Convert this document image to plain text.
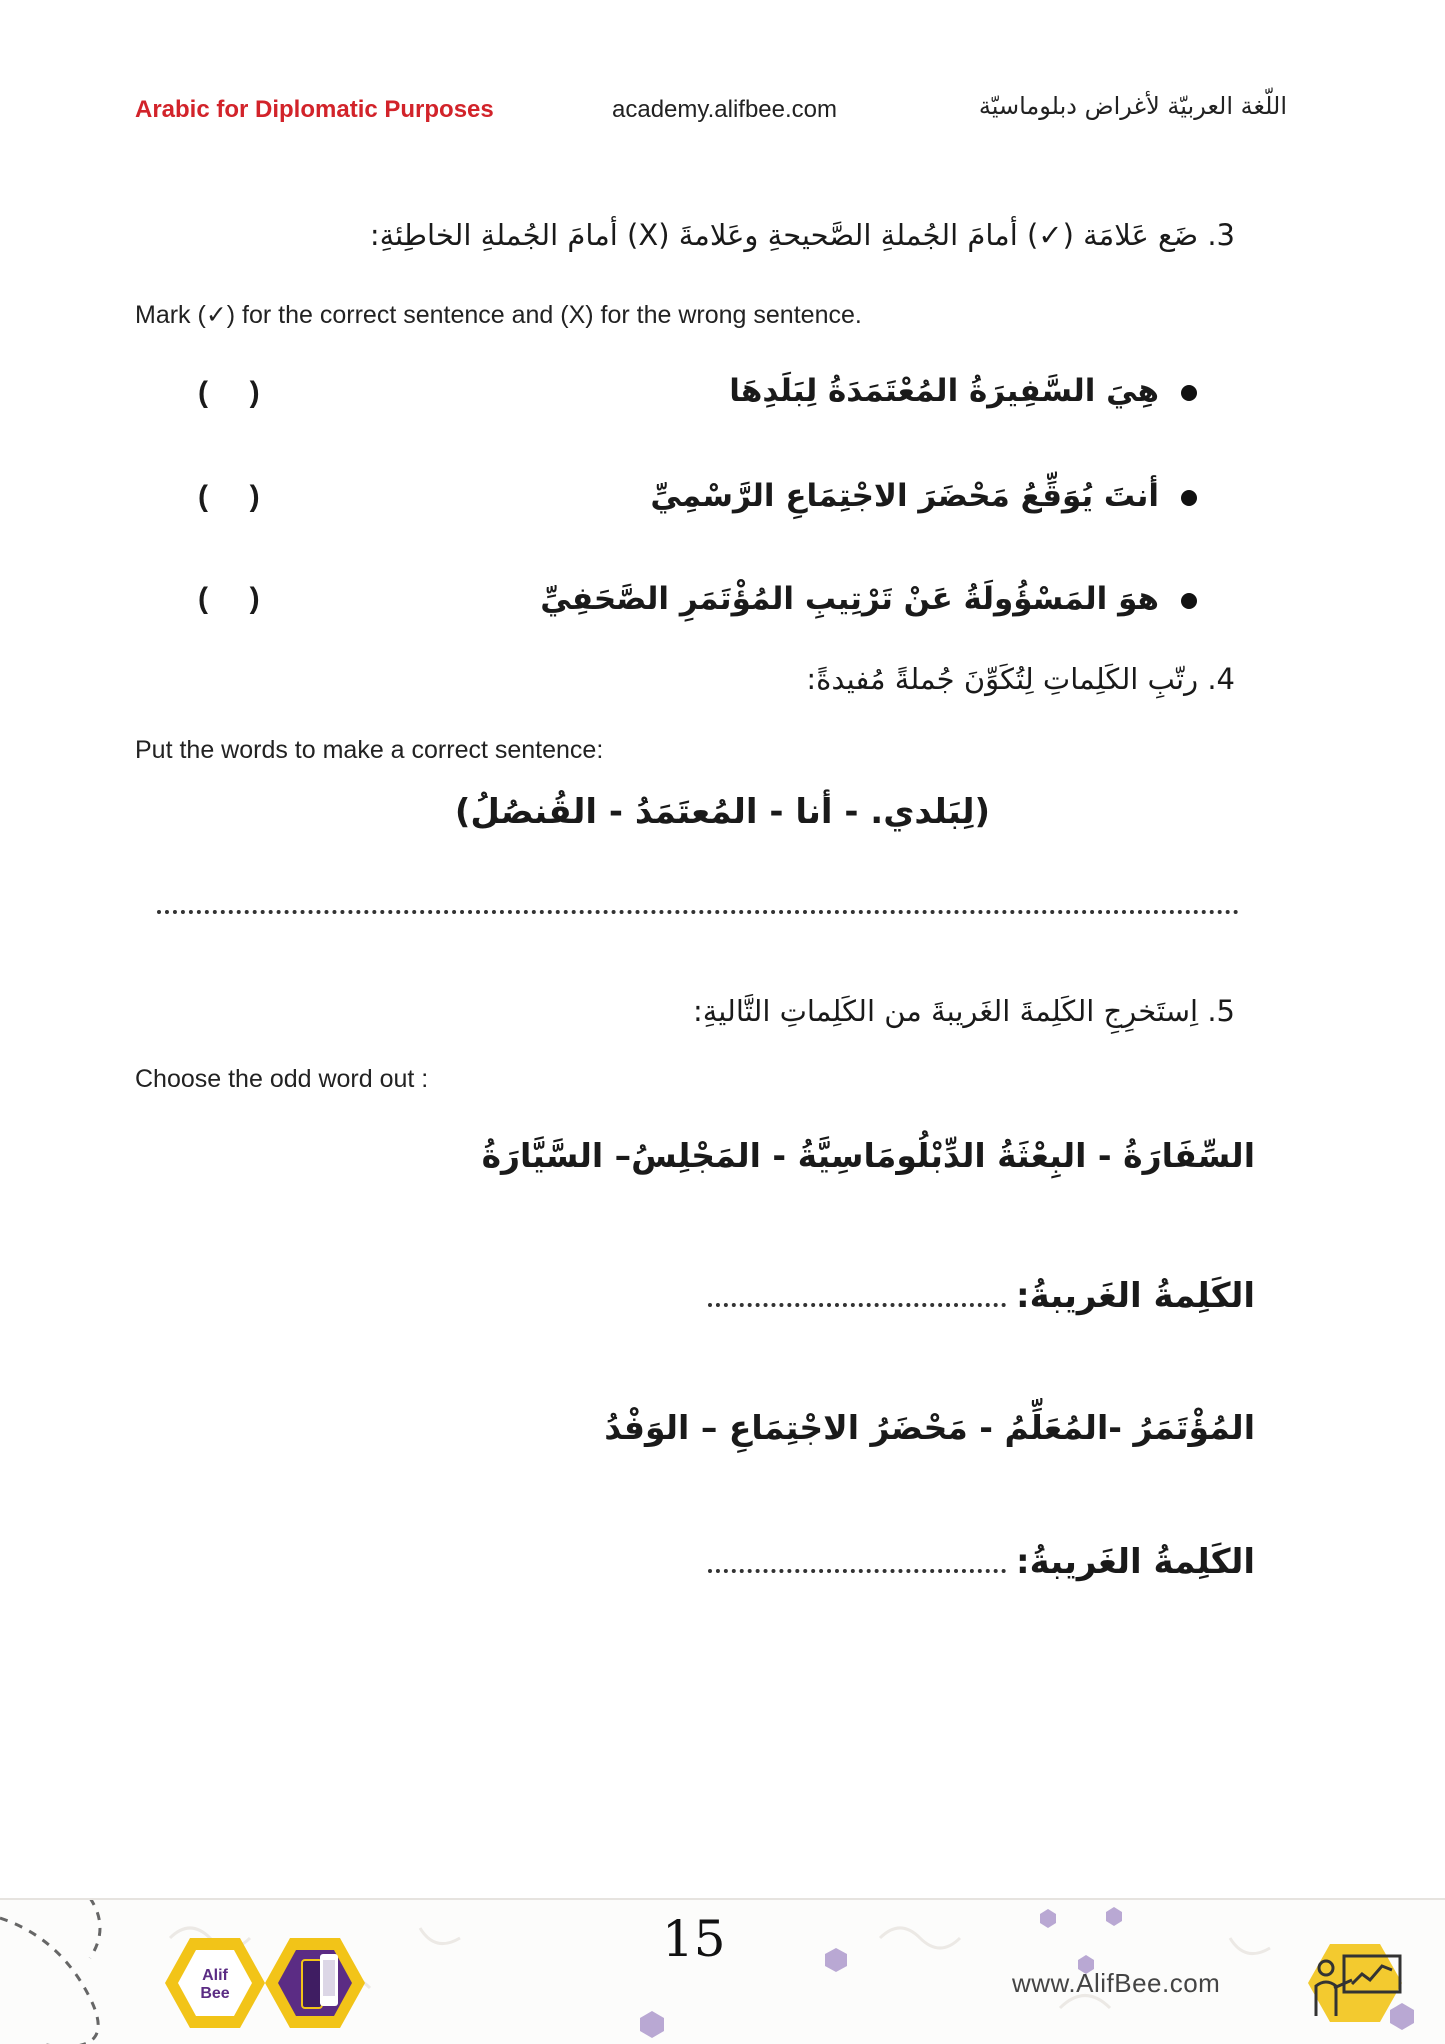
Arabic for Diplomatic Purposes	academy.alifbee.com	اللّغة العربيّة لأغراض دبلوماسيّة
3. ضَع عَلامَة (✓) أمامَ الجُملةِ الصَّحيحةِ وعَلامةَ (X) أمامَ الجُملةِ الخاطِئةِ:
Mark (✓) for the correct sentence and (X) for the wrong sentence.
هِيَ السَّفِيرَةُ المُعْتَمَدَةُ لِبَلَدِهَا
(     )
أنتَ يُوَقِّعُ مَحْضَرَ الاجْتِمَاعِ الرَّسْمِيِّ
(     )
هوَ المَسْؤُولَةُ عَنْ تَرْتِيبِ المُؤْتَمَرِ الصَّحَفِيِّ
(     )
4. رتّبِ الكَلِماتِ لِتُكَوِّنَ جُملةً مُفيدةً:
Put the words to make a correct sentence:
(لِبَلدي. - أنا - المُعتَمَدُ - القُنصُلُ)
5. اِستَخرِجِ الكَلِمةَ الغَريبةَ من الكَلِماتِ التَّاليةِ:
Choose the odd word out :
السِّفَارَةُ - البِعْثَةُ الدِّبْلُومَاسِيَّةُ - المَجْلِسُ– السَّيَّارَةُ
الكَلِمةُ الغَريبةُ:
المُؤْتَمَرُ -المُعَلِّمُ - مَحْضَرُ الاجْتِمَاعِ – الوَفْدُ
الكَلِمةُ الغَريبةُ:
Alif
Bee
15
www.AlifBee.com
